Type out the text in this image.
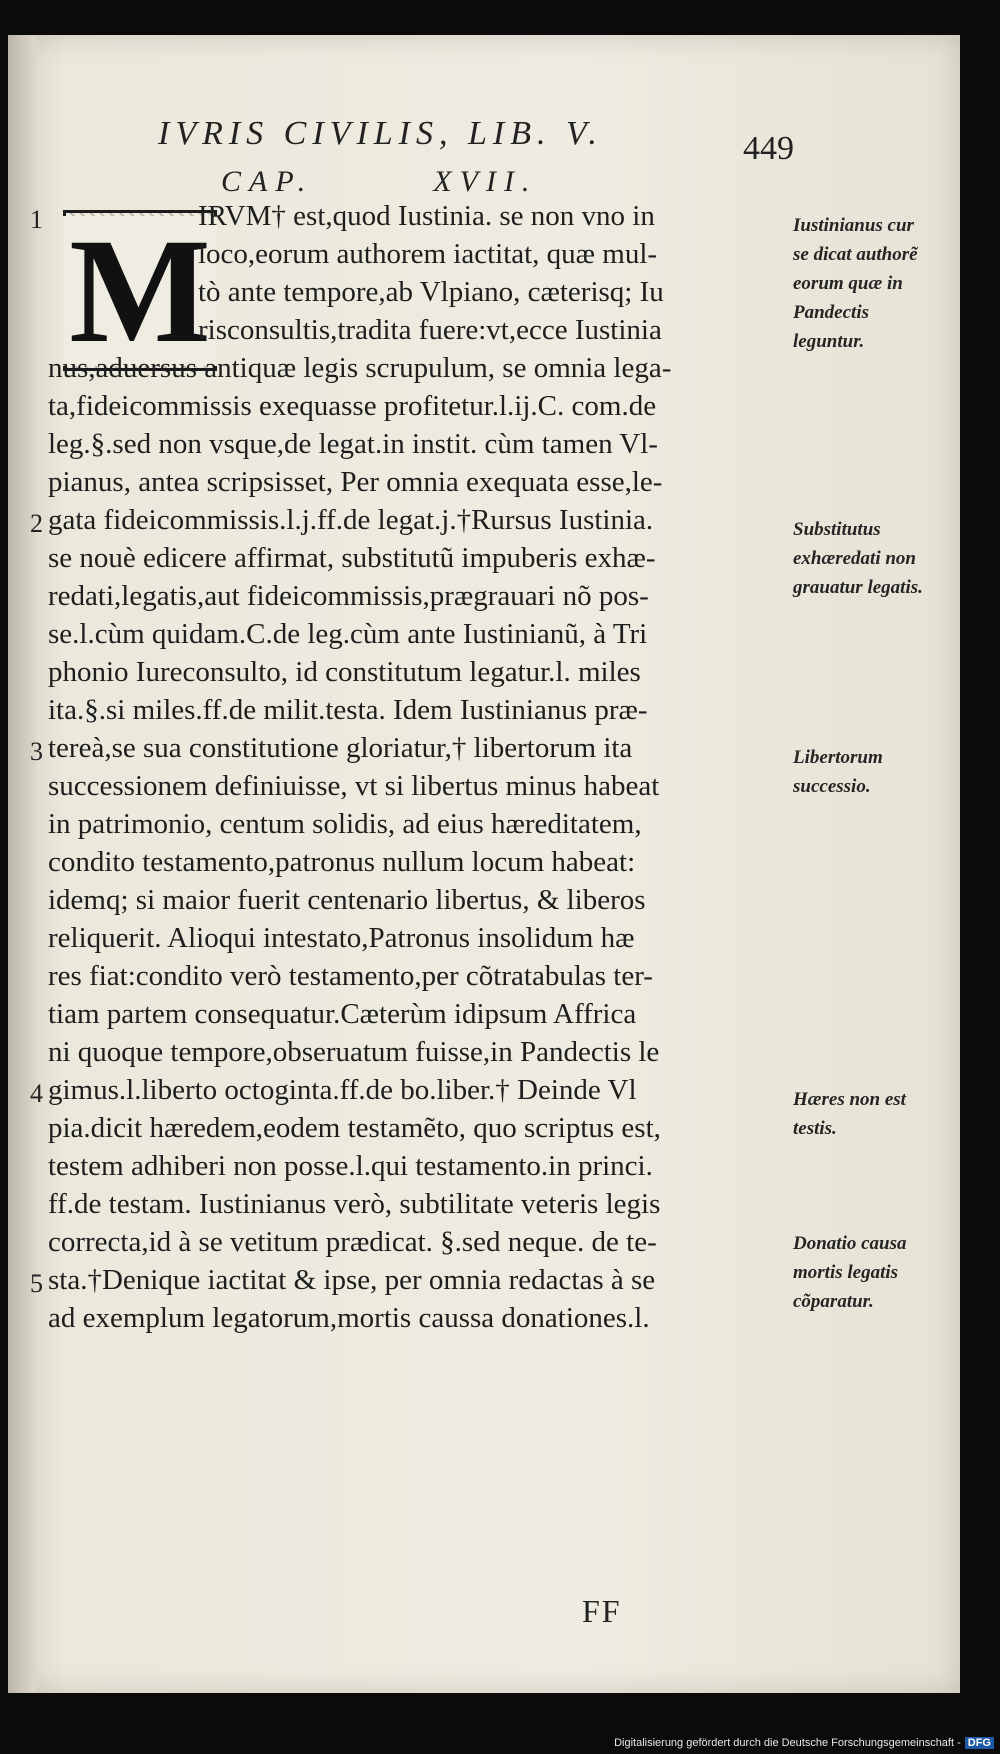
IVRIS CIVILIS, LIB. V.	449
CAP.	XVII.
M
IRVM† est,quod Iustinia. se non vno in
loco,eorum authorem iactitat, quæ mul-
tò ante tempore,ab Vlpiano, cæterisq; Iu
risconsultis,tradita fuere:vt,ecce Iustinia
nus,aduersus antiquæ legis scrupulum, se omnia lega-
ta,fideicommissis exequasse profitetur.l.ij.C. com.de
leg.§.sed non vsque,de legat.in instit. cùm tamen Vl-
pianus, antea scripsisset, Per omnia exequata esse,le-
gata fideicommissis.l.j.ff.de legat.j.†Rursus Iustinia.
se nouè edicere affirmat, substitutũ impuberis exhæ-
redati,legatis,aut fideicommissis,prægrauari nõ pos-
se.l.cùm quidam.C.de leg.cùm ante Iustinianũ, à Tri
phonio Iureconsulto, id constitutum legatur.l. miles
ita.§.si miles.ff.de milit.testa. Idem Iustinianus præ-
tereà,se sua constitutione gloriatur,† libertorum ita
successionem definiuisse, vt si libertus minus habeat
in patrimonio, centum solidis, ad eius hæreditatem,
condito testamento,patronus nullum locum habeat:
idemq; si maior fuerit centenario libertus, & liberos
reliquerit. Alioqui intestato,Patronus insolidum hæ
res fiat:condito verò testamento,per cõtratabulas ter-
tiam partem consequatur.Cæterùm idipsum Affrica
ni quoque tempore,obseruatum fuisse,in Pandectis le
gimus.l.liberto octoginta.ff.de bo.liber.† Deinde Vl
pia.dicit hæredem,eodem testamẽto, quo scriptus est,
testem adhiberi non posse.l.qui testamento.in princi.
ff.de testam. Iustinianus verò, subtilitate veteris legis
correcta,id à se vetitum prædicat. §.sed neque. de te-
sta.†Denique iactitat & ipse, per omnia redactas à se
ad exemplum legatorum,mortis caussa donationes.l.
1
2
3
4
5
Iustinianus cur se dicat authorẽ eorum quæ in Pandectis leguntur.
Substitutus exhæredati non grauatur legatis.
Libertorum successio.
Hæres non est testis.
Donatio causa mortis legatis cõparatur.
FF
Digitalisierung gefördert durch die Deutsche Forschungsgemeinschaft - DFG
